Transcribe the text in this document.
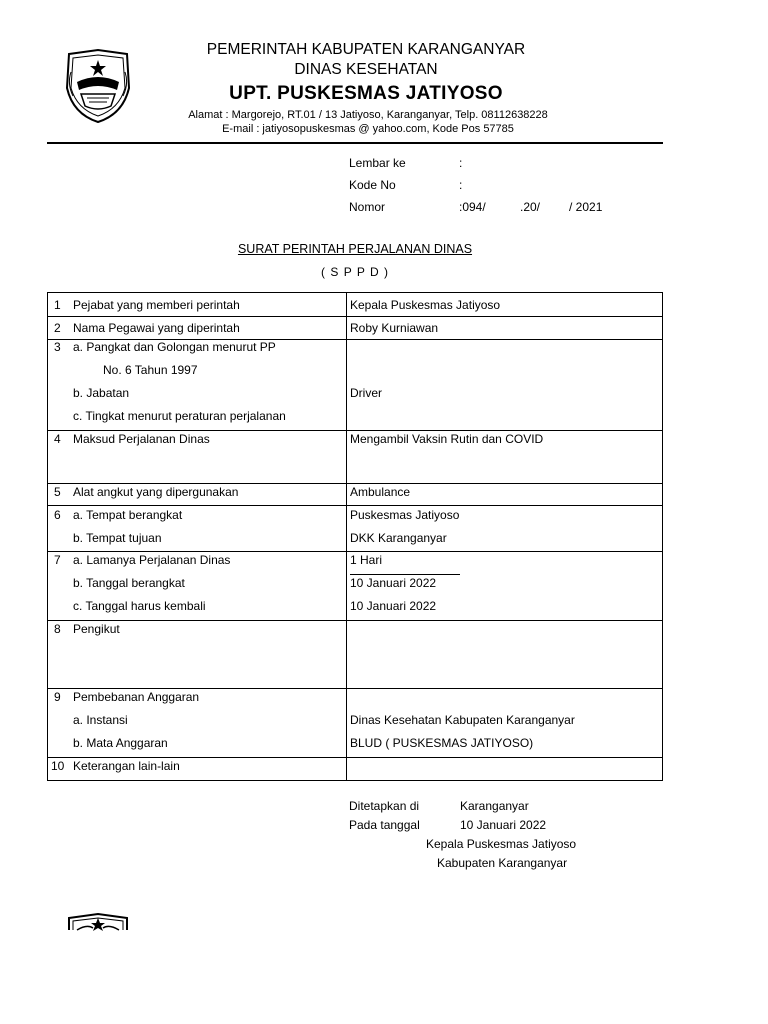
PEMERINTAH KABUPATEN KARANGANYAR
DINAS KESEHATAN
UPT. PUSKESMAS JATIYOSO
Alamat : Margorejo, RT.01 / 13 Jatiyoso, Karanganyar, Telp. 08112638228
E-mail : jatiyosopuskesmas @ yahoo.com, Kode Pos 57785
Lembar ke	:
Kode No	:
Nomor	:094/	.20/ / 2021
SURAT PERINTAH PERJALANAN DINAS
( S P P D )
1 Pejabat yang memberi perintah	Kepala Puskesmas Jatiyoso
2 Nama Pegawai yang diperintah	Roby Kurniawan
3 a. Pangkat dan Golongan menurut PP
No. 6 Tahun 1997
b. Jabatan	Driver
c. Tingkat menurut peraturan perjalanan
4 Maksud Perjalanan Dinas	Mengambil Vaksin Rutin dan COVID
5 Alat angkut yang dipergunakan	Ambulance
6 a. Tempat berangkat	Puskesmas Jatiyoso
b. Tempat tujuan	DKK Karanganyar
7 a. Lamanya Perjalanan Dinas	1 Hari
b. Tanggal berangkat	10 Januari 2022
c. Tanggal harus kembali	10 Januari 2022
8 Pengikut
9 Pembebanan Anggaran
a. Instansi	Dinas Kesehatan Kabupaten Karanganyar
b. Mata Anggaran	BLUD ( PUSKESMAS JATIYOSO)
10 Keterangan lain-lain
Ditetapkan di	Karanganyar
Pada tanggal	10 Januari 2022
Kepala Puskesmas Jatiyoso
Kabupaten Karanganyar
